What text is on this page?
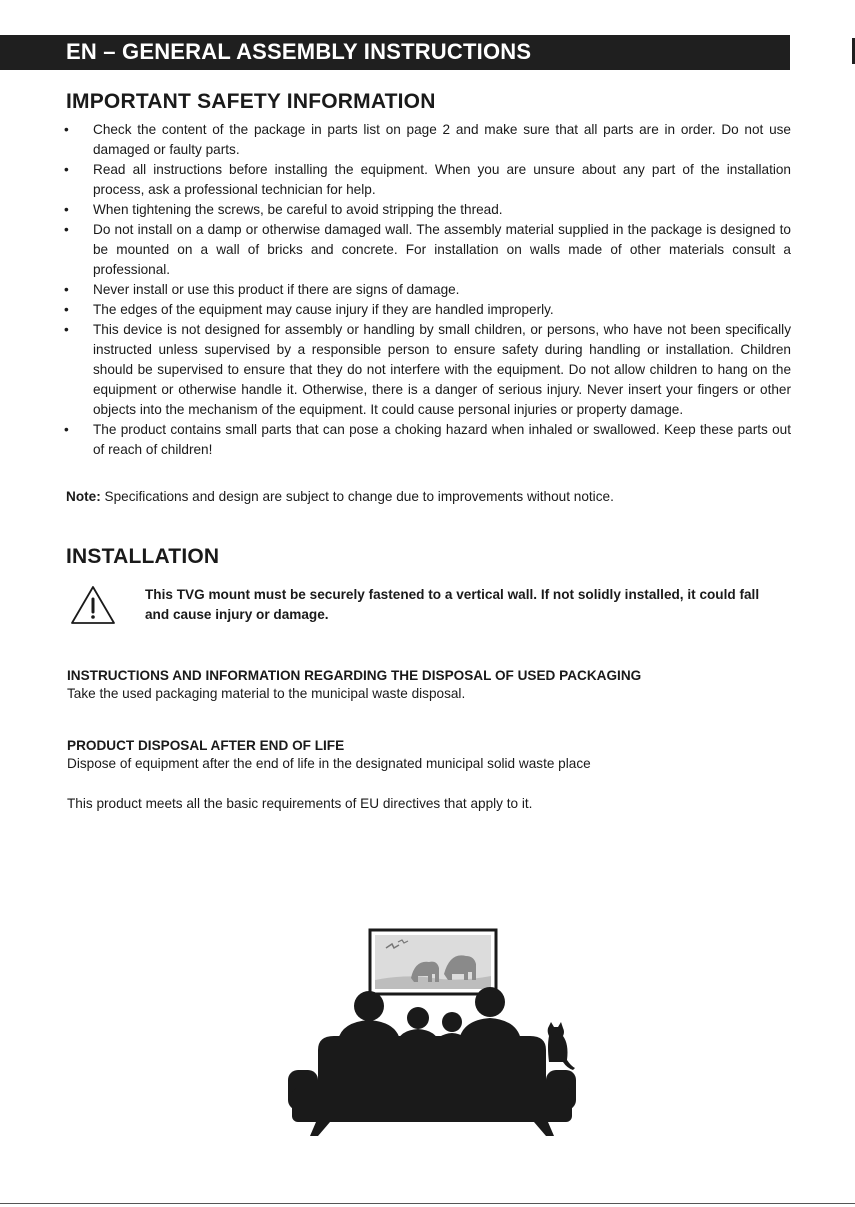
EN – GENERAL ASSEMBLY INSTRUCTIONS
IMPORTANT SAFETY INFORMATION
•	Check the content of the package in parts list on page 2 and make sure that all parts are in order. Do not use damaged or faulty parts.
•	Read all instructions before installing the equipment. When you are unsure about any part of the installation process, ask a professional technician for help.
•	When tightening the screws, be careful to avoid stripping the thread.
•	Do not install on a damp or otherwise damaged wall. The assembly material supplied in the package is designed to be mounted on a wall of bricks and concrete. For installation on walls made of other materials consult a professional.
•	Never install or use this product if there are signs of damage.
•	The edges of the equipment may cause injury if they are handled improperly.
•	This device is not designed for assembly or handling by small children, or persons, who have not been specifically instructed unless supervised by a responsible person to ensure safety during handling or installation. Children should be supervised to ensure that they do not interfere with the equipment. Do not allow children to hang on the equipment or otherwise handle it. Otherwise, there is a danger of serious injury. Never insert your fingers or other objects into the mechanism of the equipment. It could cause personal injuries or property damage.
•	The product contains small parts that can pose a choking hazard when inhaled or swallowed. Keep these parts out of reach of children!
Note: Specifications and design are subject to change due to improvements without notice.
INSTALLATION
This TVG mount must be securely fastened to a vertical wall. If not solidly installed, it could fall and cause injury or damage.
INSTRUCTIONS AND INFORMATION REGARDING THE DISPOSAL OF USED PACKAGING
Take the used packaging material to the municipal waste disposal.
PRODUCT DISPOSAL AFTER END OF LIFE
Dispose of equipment after the end of life in the designated municipal solid waste place
This product meets all the basic requirements of EU directives that apply to it.
